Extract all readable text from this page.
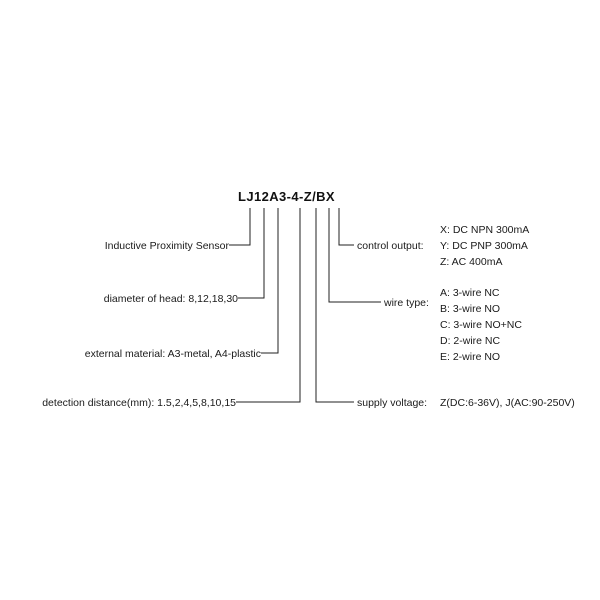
LJ12A3-4-Z/BX
Inductive Proximity Sensor
diameter of head: 8,12,18,30
external material: A3-metal, A4-plastic
detection distance(mm): 1.5,2,4,5,8,10,15
control output:
X: DC NPN 300mA
Y: DC PNP 300mA
Z: AC 400mA
wire type:
A: 3-wire NC
B: 3-wire NO
C: 3-wire NO+NC
D: 2-wire NC
E: 2-wire NO
supply voltage: Z(DC:6-36V), J(AC:90-250V)
